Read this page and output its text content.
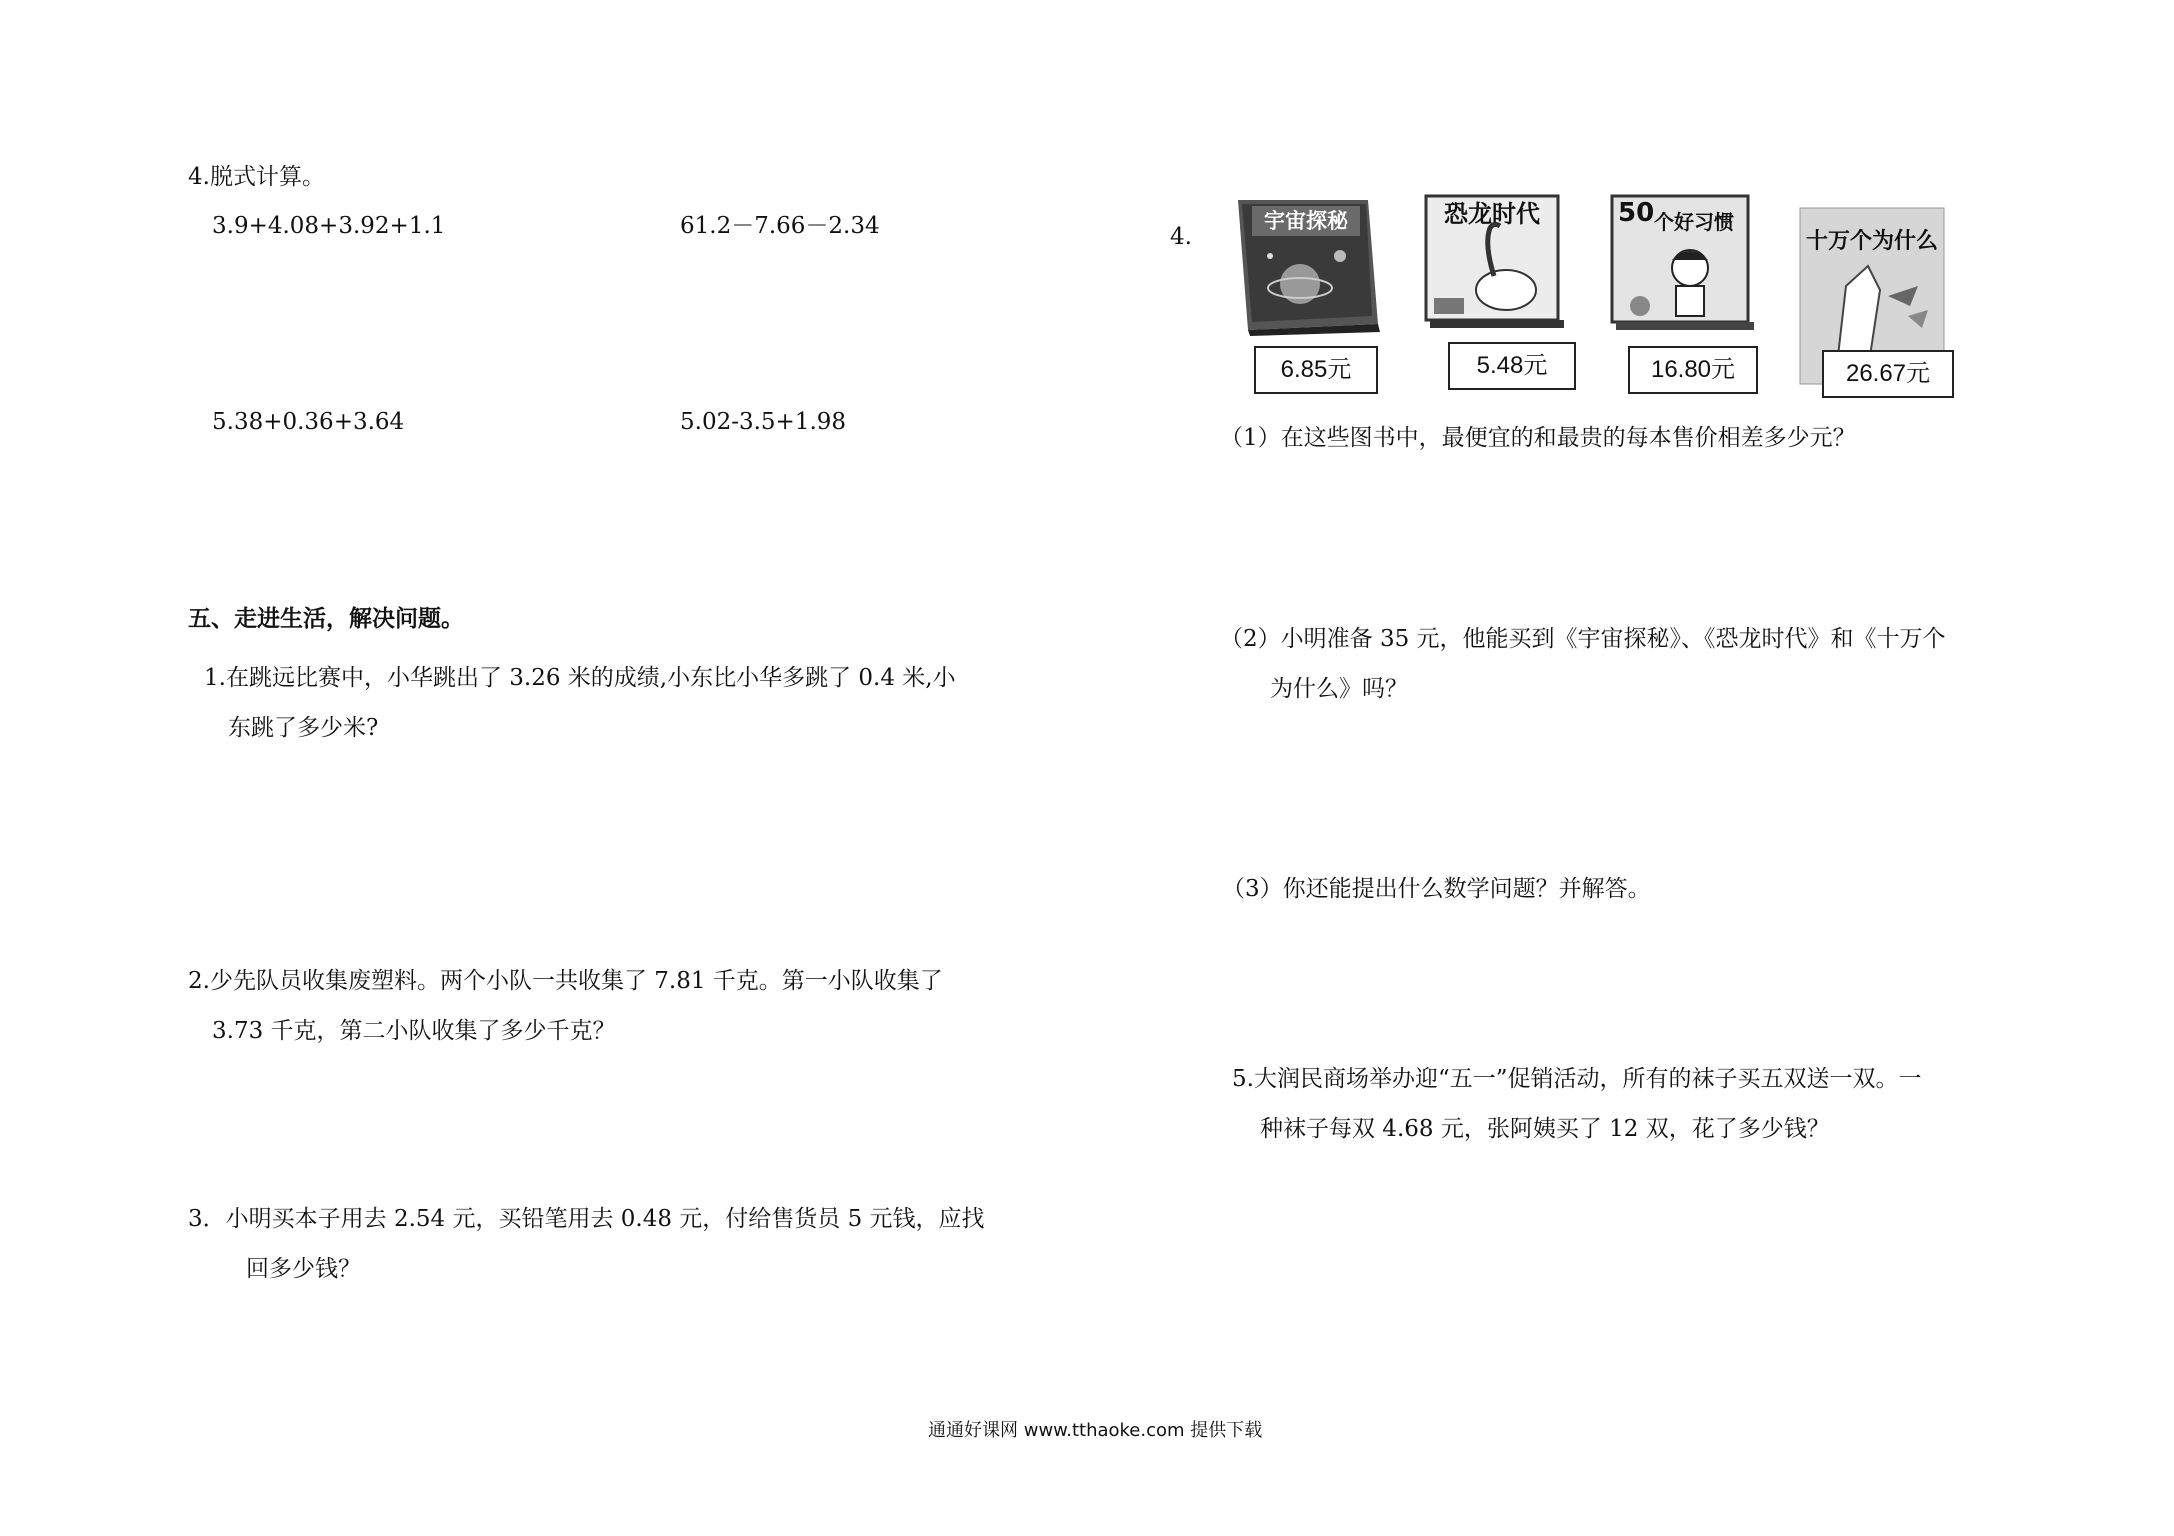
4.脱式计算。
3.9+4.08+3.92+1.1	61.2－7.66－2.34
5.38+0.36+3.64	5.02-3.5+1.98
五、走进生活，解决问题。
1.在跳远比赛中，小华跳出了 3.26 米的成绩,小东比小华多跳了 0.4 米,小
东跳了多少米?
2.少先队员收集废塑料。两个小队一共收集了 7.81 千克。第一小队收集了
3.73 千克，第二小队收集了多少千克？
3．小明买本子用去 2.54 元，买铅笔用去 0.48 元，付给售货员 5 元钱，应找
回多少钱？
4.
宇宙探秘
6.85元
恐龙时代
5.48元
50 个好习惯
16.80元
十万个为什么
26.67元
（1）在这些图书中，最便宜的和最贵的每本售价相差多少元？
（2）小明准备 35 元，他能买到《宇宙探秘》、《恐龙时代》和《十万个
为什么》吗？
（3）你还能提出什么数学问题？并解答。
5.大润民商场举办迎“五一”促销活动，所有的袜子买五双送一双。一
种袜子每双 4.68 元，张阿姨买了 12 双，花了多少钱？
通通好课网 www.tthaoke.com 提供下载
